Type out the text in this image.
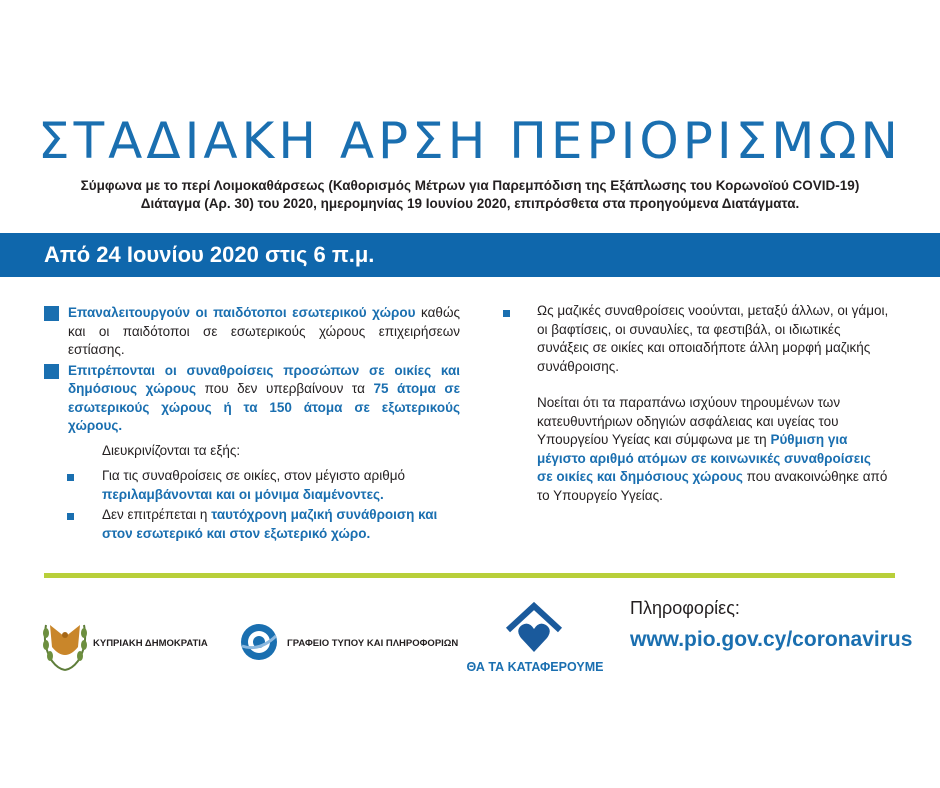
ΣΤΑΔΙΑΚΗ ΑΡΣΗ ΠΕΡΙΟΡΙΣΜΩΝ
Σύμφωνα με το περί Λοιμοκαθάρσεως (Καθορισμός Μέτρων για Παρεμπόδιση της Εξάπλωσης του Κορωνοϊού COVID-19)
Διάταγμα (Αρ. 30) του 2020, ημερομηνίας 19 Ιουνίου 2020, επιπρόσθετα στα προηγούμενα Διατάγματα.
Από 24 Ιουνίου 2020 στις 6 π.μ.
Επαναλειτουργούν οι παιδότοποι εσωτερικού χώρου καθώς και οι παιδότοποι σε εσωτερικούς χώρους επιχειρήσεων εστίασης.
Επιτρέπονται οι συναθροίσεις προσώπων σε οικίες και δημόσιους χώρους που δεν υπερβαίνουν τα 75 άτομα σε εσωτερικούς χώρους ή τα 150 άτομα σε εξωτερικούς χώρους.
Διευκρινίζονται τα εξής:
Για τις συναθροίσεις σε οικίες, στον μέγιστο αριθμό περιλαμβάνονται και οι μόνιμα διαμένοντες.
Δεν επιτρέπεται η ταυτόχρονη μαζική συνάθροιση και στον εσωτερικό και στον εξωτερικό χώρο.

Ως μαζικές συναθροίσεις νοούνται, μεταξύ άλλων, οι γάμοι, οι βαφτίσεις, οι συναυλίες, τα φεστιβάλ, οι ιδιωτικές συνάξεις σε οικίες και οποιαδήποτε άλλη μορφή μαζικής συνάθροισης.

Νοείται ότι τα παραπάνω ισχύουν τηρουμένων των κατευθυντήριων οδηγιών ασφάλειας και υγείας του Υπουργείου Υγείας και σύμφωνα με τη Ρύθμιση για μέγιστο αριθμό ατόμων σε κοινωνικές συναθροίσεις σε οικίες και δημόσιους χώρους που ανακοινώθηκε από το Υπουργείο Υγείας.

ΚΥΠΡΙΑΚΗ ΔΗΜΟΚΡΑΤΙΑ	ΓΡΑΦΕΙΟ ΤΥΠΟΥ ΚΑΙ ΠΛΗΡΟΦΟΡΙΩΝ
ΘΑ ΤΑ ΚΑΤΑΦΕΡΟΥΜΕ
Πληροφορίες:
www.pio.gov.cy/coronavirus
